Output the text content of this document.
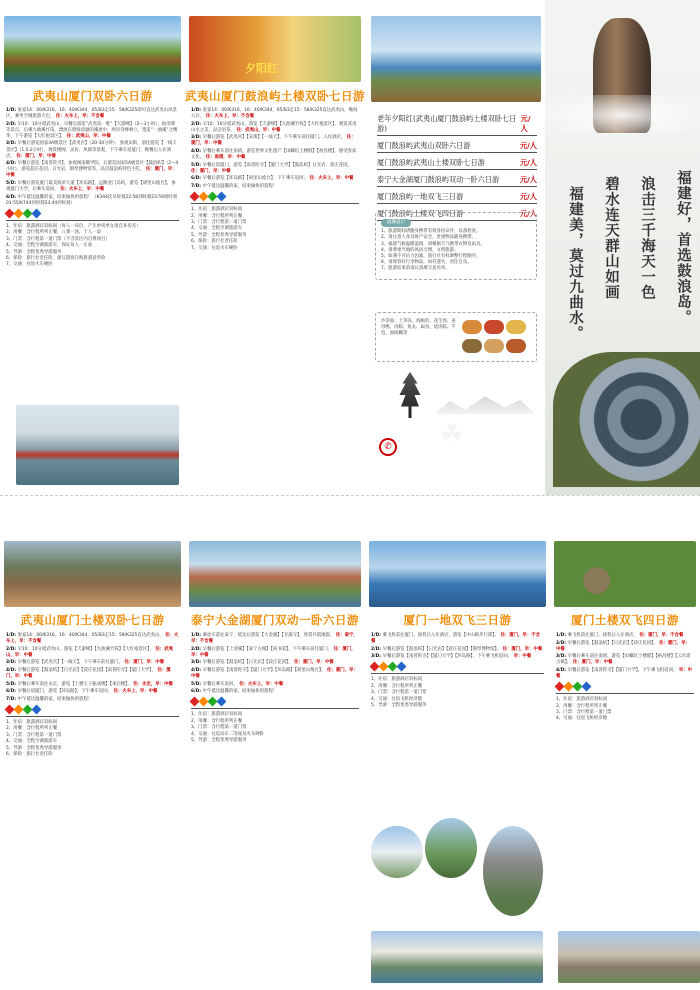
武夷山厦门双卧六日游
1/D: 张家14：00/K316，16：40/K344，05/B3走15：58/K325即可直达武夷山风景区，乘坐空调旅游大巴， 住：火车上，早：不含餐
2/D: 早10：10分抵武夷山，早餐后游览“武夷第一胜”【天游峰】（2—3小时），仙浴潭等景点，后乘九曲溪竹筏，漂流在碧绿清澈的溪流中，两岸奇峰林立，饱览“一曲溪”之精华，下午游览【大红袍景区】， 住：武夷山，早：中餐
3/D: 早餐后游览国家4A级景区【武夷宫】（20-30分钟），参观宋街，前往游览【一线天景区】（1.5-2小时），观赏楼阁、灵岩、风洞等景观，下午乘车返厦门，晚餐后入住酒店， 住：厦门，早：中餐
4/D: 早餐后游览【南普陀寺】，参观闽南佛学院，后游览国家5A级景区【鼓浪屿】（2—4小时），游览菽庄花园、日光岩、钢琴博物馆等，品尝鼓浪屿特色小吃， 住：厦门，早：中餐
5/D: 早餐后游览厦门最美海滨大道【环岛路】，远眺金门岛屿，游览【胡里山炮台】，参观厦门大学，后乘车返回， 住：火车上，早：中餐
6/D: 中午抵达温馨的家，结束愉快的旅程！（K344次早时刻22:58到时刻23:59到时刻01:55/K744到时刻23:44到时刻）
1、住宿：旅游酒店双标间（每人一床位，产生单男单女请自补房差）
2、用餐：含行程所列正餐，八菜一汤，十人一桌
3、门票：含行程第一道门票（不含景区内自费项目）
4、交通：全程空调旅游车，保证每人一正座
5、导游：全程优秀导游服务
6、保险：旅行社责任险，建议游客自购旅游意外险
7、交通：往返火车硬卧
夕阳红
武夷山厦门鼓浪屿土楼双卧七日游
1/D: 张家14：00/K316，16：40/K344，05/B3走15：58/K325直达武夷山，晚间入住， 住：火车上，早：不含餐
2/D: 早10：10分抵武夷山，游览【天游峰】【九曲溪竹筏】【大红袍景区】，观赏武夷山水之美，品尝岩茶， 住：武夷山，早：中餐
3/D: 早餐后游览【武夷宫】【宋街】【一线天】，下午乘车前往厦门，入住酒店， 住：厦门，早：中餐
4/D: 早餐后乘车前往南靖，游览世界文化遗产【田螺坑土楼群】【裕昌楼】，感受客家文化， 住：南靖，早：中餐
5/D: 早餐后返厦门，游览【南普陀寺】【厦门大学】【鼓浪屿】日光岩、菽庄花园， 住：厦门，早：中餐
6/D: 早餐后游览【环岛路】【胡里山炮台】，下午乘车返回， 住：火车上，早：中餐
7/D: 中午抵达温馨的家，结束愉快的旅程！
1、住宿：旅游酒店双标间
2、用餐：含行程所列正餐
3、门票：含行程第一道门票
4、交通：全程空调旅游车
5、导游：全程优秀导游服务
6、保险：旅行社责任险
7、交通：往返火车硬卧
老年夕阳红(武夷山厦门鼓浪屿土楼双卧七日游)
元/人
厦门鼓浪屿武夷山双卧六日游	元/人
厦门鼓浪屿武夷山土楼双卧七日游	元/人
泰宁大金湖厦门鼓浪屿双动一卧六日游	元/人
厦门鼓浪屿一地双飞三日游	元/人
厦门鼓浪屿土楼双飞四日游	元/人
温馨提示
1、旅游期间请随身携带有效身份证件，以备检查。
2、请注意人身及财产安全，贵重物品随身携带。
3、福建气候温暖湿润，请根据天气携带衣物及雨具。
4、请尊重当地的风俗习惯，文明旅游。
5、如遇不可抗力因素，旅行社有权调整行程顺序。
6、请保管好行李物品，如有遗失，责任自负。
7、旅游结束前请认真填写意见单。
沙茶面、土笋冻、海蛎煎、花生汤、姜母鸭、肉粽、鱼丸、扁食、烧肉粽、芋包、面线糊等

✆
福建好，首选鼓浪岛。
浪击三千海天一色
碧水连天群山如画
福建美，莫过九曲水。
☘
武夷山厦门土楼双卧七日游
1/D: 张家14：00/K316，16：40/K344，05/B3走15：58/K325直达武夷山， 住：火车上，早：不含餐
2/D: 早10：10分抵武夷山，游览【天游峰】【九曲溪竹筏】【大红袍景区】， 住：武夷山，早：中餐
3/D: 早餐后游览【武夷宫】【一线天】，下午乘车前往厦门， 住：厦门，早：中餐
4/D: 早餐后游览【鼓浪屿】【日光岩】【菽庄花园】【南普陀寺】【厦门大学】， 住：厦门，早：中餐
5/D: 早餐后乘车前往永定，游览【土楼王子振成楼】【承启楼】， 住：永定，早：中餐
6/D: 早餐后返厦门，游览【环岛路】，下午乘车返回， 住：火车上，早：中餐
7/D: 中午抵达温馨的家，结束愉快的旅程！
1、住宿：旅游酒店双标间
2、用餐：含行程所列正餐
3、门票：含行程第一道门票
4、交通：全程空调旅游车
5、导游：全程优秀导游服务
6、保险：旅行社责任险
泰宁大金湖厦门双动一卧六日游
1/D: 乘动车前往泰宁，抵达后游览【大金湖】【甘露寺】，欣赏丹霞地貌， 住：泰宁，早：不含餐
2/D: 早餐后游览【上清溪】【泰宁古城】【尚书第】，下午乘车前往厦门， 住：厦门，早：中餐
3/D: 早餐后游览【鼓浪屿】【日光岩】【菽庄花园】， 住：厦门，早：中餐
4/D: 早餐后游览【南普陀寺】【厦门大学】【环岛路】【胡里山炮台】， 住：厦门，早：中餐
5/D: 早餐后乘车返回， 住：火车上，早：中餐
6/D: 中午抵达温馨的家，结束愉快的旅程！
1、住宿：旅游酒店双标间
2、用餐：含行程所列正餐
3、门票：含行程第一道门票
4、交通：往返动车二等座及火车硬卧
5、导游：全程优秀导游服务
厦门一地双飞三日游
1/D: 乘飞机前往厦门，接机后入住酒店，游览【中山路步行街】， 住：厦门，早：不含餐
2/D: 早餐后游览【鼓浪屿】【日光岩】【菽庄花园】【钢琴博物馆】， 住：厦门，早：中餐
3/D: 早餐后游览【南普陀寺】【厦门大学】【环岛路】，下午乘飞机返回， 早：中餐
1、住宿：旅游酒店双标间
2、用餐：含行程所列正餐
3、门票：含行程第一道门票
4、交通：往返飞机经济舱
5、导游：全程优秀导游服务
厦门土楼双飞四日游
1/D: 乘飞机前往厦门，接机后入住酒店， 住：厦门，早：不含餐
2/D: 早餐后游览【鼓浪屿】【日光岩】【菽庄花园】， 住：厦门，早：中餐
3/D: 早餐后乘车前往南靖，游览【田螺坑土楼群】【裕昌楼】【云水谣古镇】， 住：厦门，早：中餐
4/D: 早餐后游览【南普陀寺】【厦门大学】，下午乘飞机返回， 早：中餐
1、住宿：旅游酒店双标间
2、用餐：含行程所列正餐
3、门票：含行程第一道门票
4、交通：往返飞机经济舱
